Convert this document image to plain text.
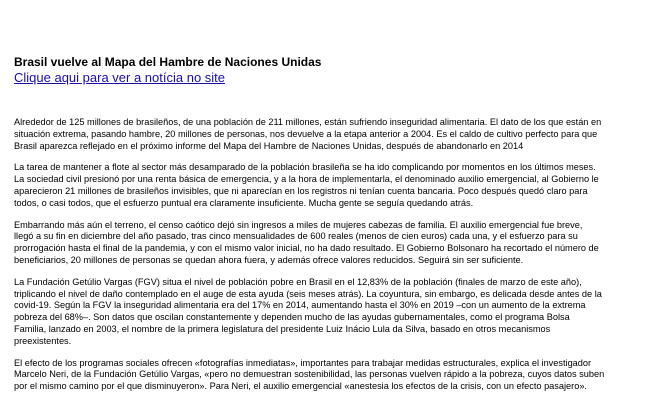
Brasil vuelve al Mapa del Hambre de Naciones Unidas
Clique aqui para ver a notícia no site

Alrededor de 125 millones de brasileños, de una población de 211 millones, están sufriendo inseguridad alimentaria. El dato de los que están en
situación extrema, pasando hambre, 20 millones de personas, nos devuelve a la etapa anterior a 2004. Es el caldo de cultivo perfecto para que
Brasil aparezca reflejado en el próximo informe del Mapa del Hambre de Naciones Unidas, después de abandonarlo en 2014

La tarea de mantener a flote al sector más desamparado de la población brasileña se ha ido complicando por momentos en los últimos meses.
La sociedad civil presionó por una renta básica de emergencia, y a la hora de implementarla, el denominado auxilio emergencial, al Gobierno le
aparecieron 21 millones de brasileños invisibles, que ni aparecían en los registros ni tenían cuenta bancaria. Poco después quedó claro para
todos, o casi todos, que el esfuerzo puntual era claramente insuficiente. Mucha gente se seguía quedando atrás.

Embarrando más aún el terreno, el censo caótico dejó sin ingresos a miles de mujeres cabezas de familia. El auxilio emergencial fue breve,
llegó a su fin en diciembre del año pasado, tras cinco mensualidades de 600 reales (menos de cien euros) cada una, y el esfuerzo para su
prorrogación hasta el final de la pandemia, y con el mismo valor inicial, no ha dado resultado. El Gobierno Bolsonaro ha recortado el número de
beneficiarios, 20 millones de personas se quedan ahora fuera, y además ofrece valores reducidos. Seguirá sin ser suficiente.

La Fundación Getúlio Vargas (FGV) situa el nivel de población pobre en Brasil en el 12,83% de la población (finales de marzo de este año),
triplicando el nivel de daño contemplado en el auge de esta ayuda (seis meses atrás). La coyuntura, sin embargo, es delicada desde antes de la
covid-19. Según la FGV la inseguridad alimentaria era del 17% en 2014, aumentando hasta el 30% en 2019 –con un aumento de la extrema
pobreza del 68%–. Son datos que oscilan constantemente y dependen mucho de las ayudas gubernamentales, como el programa Bolsa
Familia, lanzado en 2003, el nombre de la primera legislatura del presidente Luiz Inácio Lula da Silva, basado en otros mecanismos
preexistentes.

El efecto de los programas sociales ofrecen «fotografías inmediatas», importantes para trabajar medidas estructurales, explica el investigador
Marcelo Neri, de la Fundación Getúlio Vargas, «pero no demuestran sostenibilidad, las personas vuelven rápido a la pobreza, cuyos datos suben
por el mismo camino por el que disminuyeron». Para Neri, el auxilio emergencial «anestesia los efectos de la crisis, con un efecto pasajero».
